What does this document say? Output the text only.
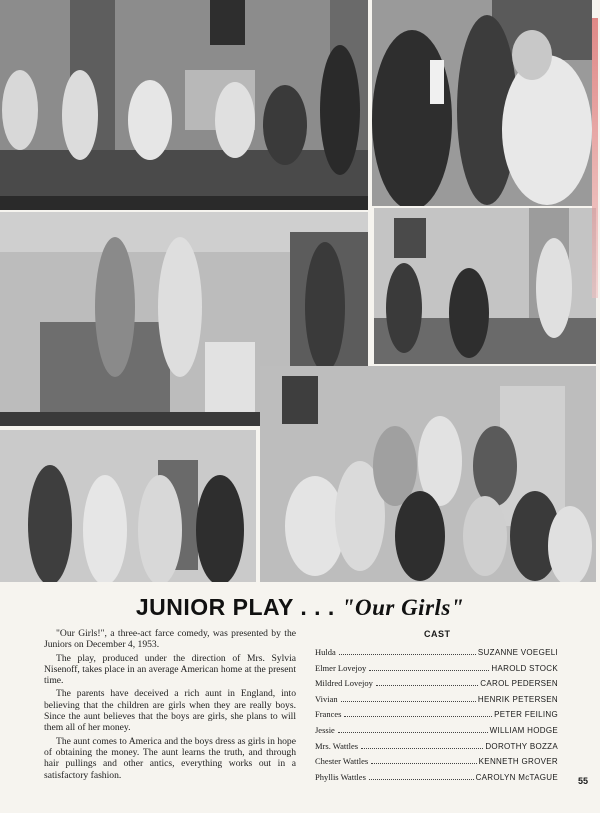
JUNIOR PLAY . . . "Our Girls"

"Our Girls!", a three-act farce comedy, was presented by the Juniors on December 4, 1953.

The play, produced under the direction of Mrs. Sylvia Nisenoff, takes place in an average American home at the present time.

The parents have deceived a rich aunt in England, into believing that the children are girls when they are really boys. Since the aunt believes that the boys are girls, she plans to will them all of her money.

The aunt comes to America and the boys dress as girls in hope of obtaining the money. The aunt learns the truth, and through hair pullings and other antics, everything works out in a satisfactory fashion.

CAST
Hulda	SUZANNE VOEGELI
Elmer Lovejoy	HAROLD STOCK
Mildred Lovejoy	CAROL PEDERSEN
Vivian	HENRIK PETERSEN
Frances	PETER FEILING
Jessie	WILLIAM HODGE
Mrs. Wattles	DOROTHY BOZZA
Chester Wattles	KENNETH GROVER
Phyllis Wattles	CAROLYN McTAGUE 55
